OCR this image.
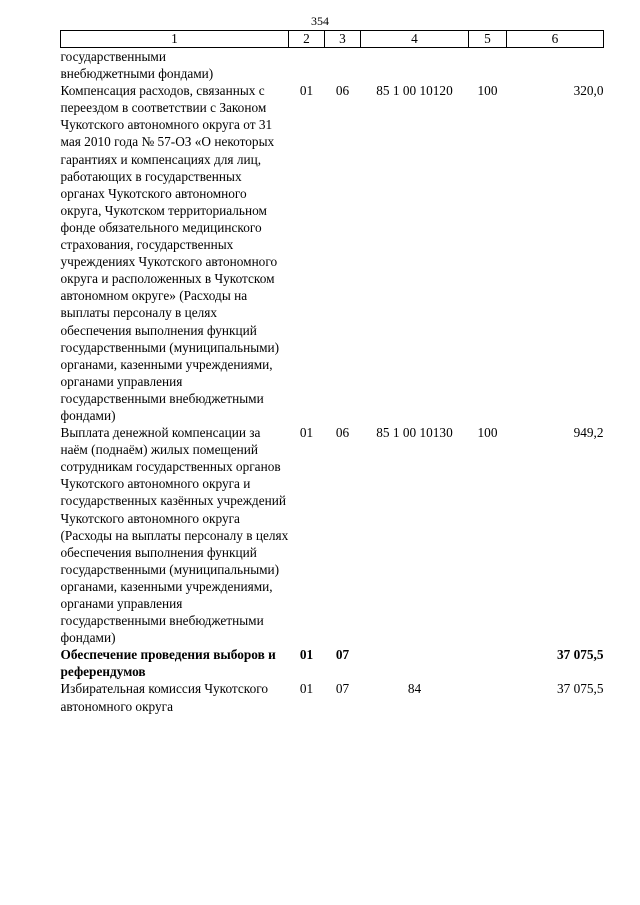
354
1	2	3	4	5	6
государственными внебюджетными фондами)					
Компенсация расходов, связанных с переездом в соответствии с Законом Чукотского автономного округа от 31 мая 2010 года № 57-ОЗ «О некоторых гарантиях и компенсациях для лиц, работающих в государственных органах Чукотского автономного округа, Чукотском территориальном фонде обязательного медицинского страхования, государственных учреждениях Чукотского автономного округа и расположенных в Чукотском автономном округе» (Расходы на выплаты персоналу в целях обеспечения выполнения функций государственными (муниципальными) органами, казенными учреждениями, органами управления государственными внебюджетными фондами)	01	06	85 1 00 10120	100	320,0
Выплата денежной компенсации за наём (поднаём) жилых помещений сотрудникам государственных органов Чукотского автономного округа и государственных казённых учреждений Чукотского автономного округа (Расходы на выплаты персоналу в целях обеспечения выполнения функций государственными (муниципальными) органами, казенными учреждениями, органами управления государственными внебюджетными фондами)	01	06	85 1 00 10130	100	949,2
Обеспечение проведения выборов и референдумов	01	07			37 075,5
Избирательная комиссия Чукотского автономного округа	01	07	84		37 075,5
